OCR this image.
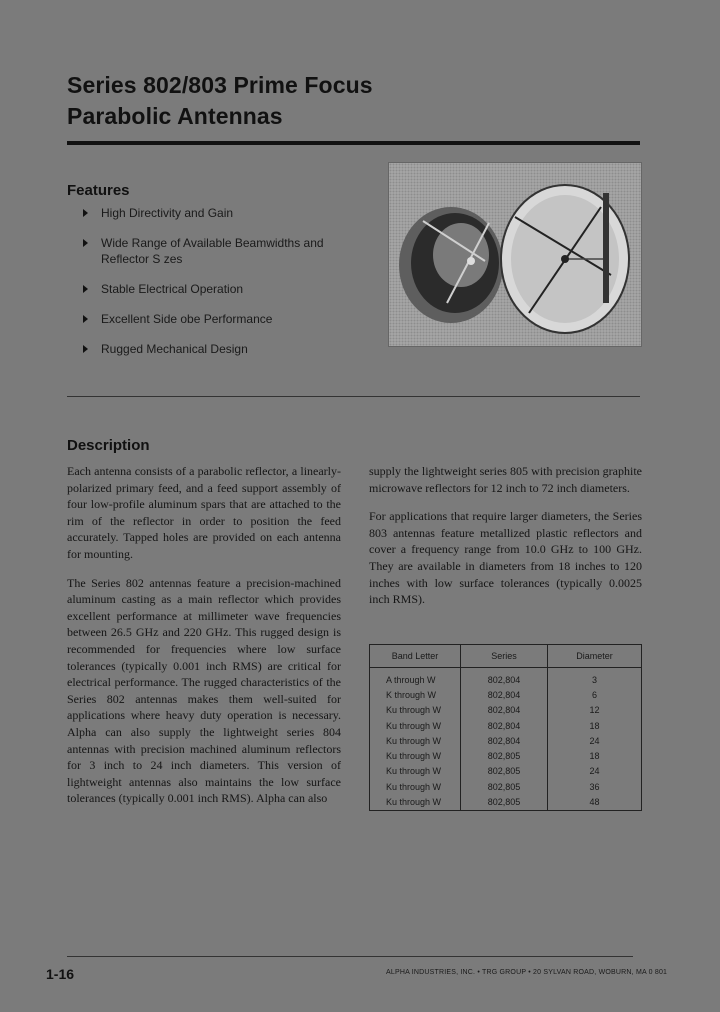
Series 802/803 Prime Focus
Parabolic Antennas
Features
High Directivity and Gain
Wide Range of Available Beamwidths and Reflector S zes
Stable Electrical Operation
Excellent Side obe Performance
Rugged Mechanical Design
Description

Each antenna consists of a parabolic reflector, a linearly-polarized primary feed, and a feed support assembly of four low-profile aluminum spars that are attached to the rim of the reflector in order to position the feed accurately. Tapped holes are provided on each antenna for mounting.

The Series 802 antennas feature a precision-machined aluminum casting as a main reflector which provides excellent performance at millimeter wave frequencies between 26.5 GHz and 220 GHz. This rugged design is recommended for frequencies where low surface tolerances (typically 0.001 inch RMS) are critical for electrical performance. The rugged characteristics of the Series 802 antennas makes them well-suited for applications where heavy duty operation is necessary. Alpha can also supply the lightweight series 804 antennas with precision machined aluminum reflectors for 3 inch to 24 inch diameters. This version of lightweight antennas also maintains the low surface tolerances (typically 0.001 inch RMS). Alpha can also

supply the lightweight series 805 with precision graphite microwave reflectors for 12 inch to 72 inch diameters.

For applications that require larger diameters, the Series 803 antennas feature metallized plastic reflectors and cover a frequency range from 10.0 GHz to 100 GHz. They are available in diameters from 18 inches to 120 inches with low surface tolerances (typically 0.0025 inch RMS).

Band Letter	Series	Diameter
A through W	802,804	3
K through W	802,804	6
Ku through W	802,804	12
Ku through W	802,804	18
Ku through W	802,804	24
Ku through W	802,805	18
Ku through W	802,805	24
Ku through W	802,805	36
Ku through W	802,805	48
1-16	ALPHA INDUSTRIES, INC. • TRG GROUP • 20 SYLVAN ROAD, WOBURN, MA 0 801
